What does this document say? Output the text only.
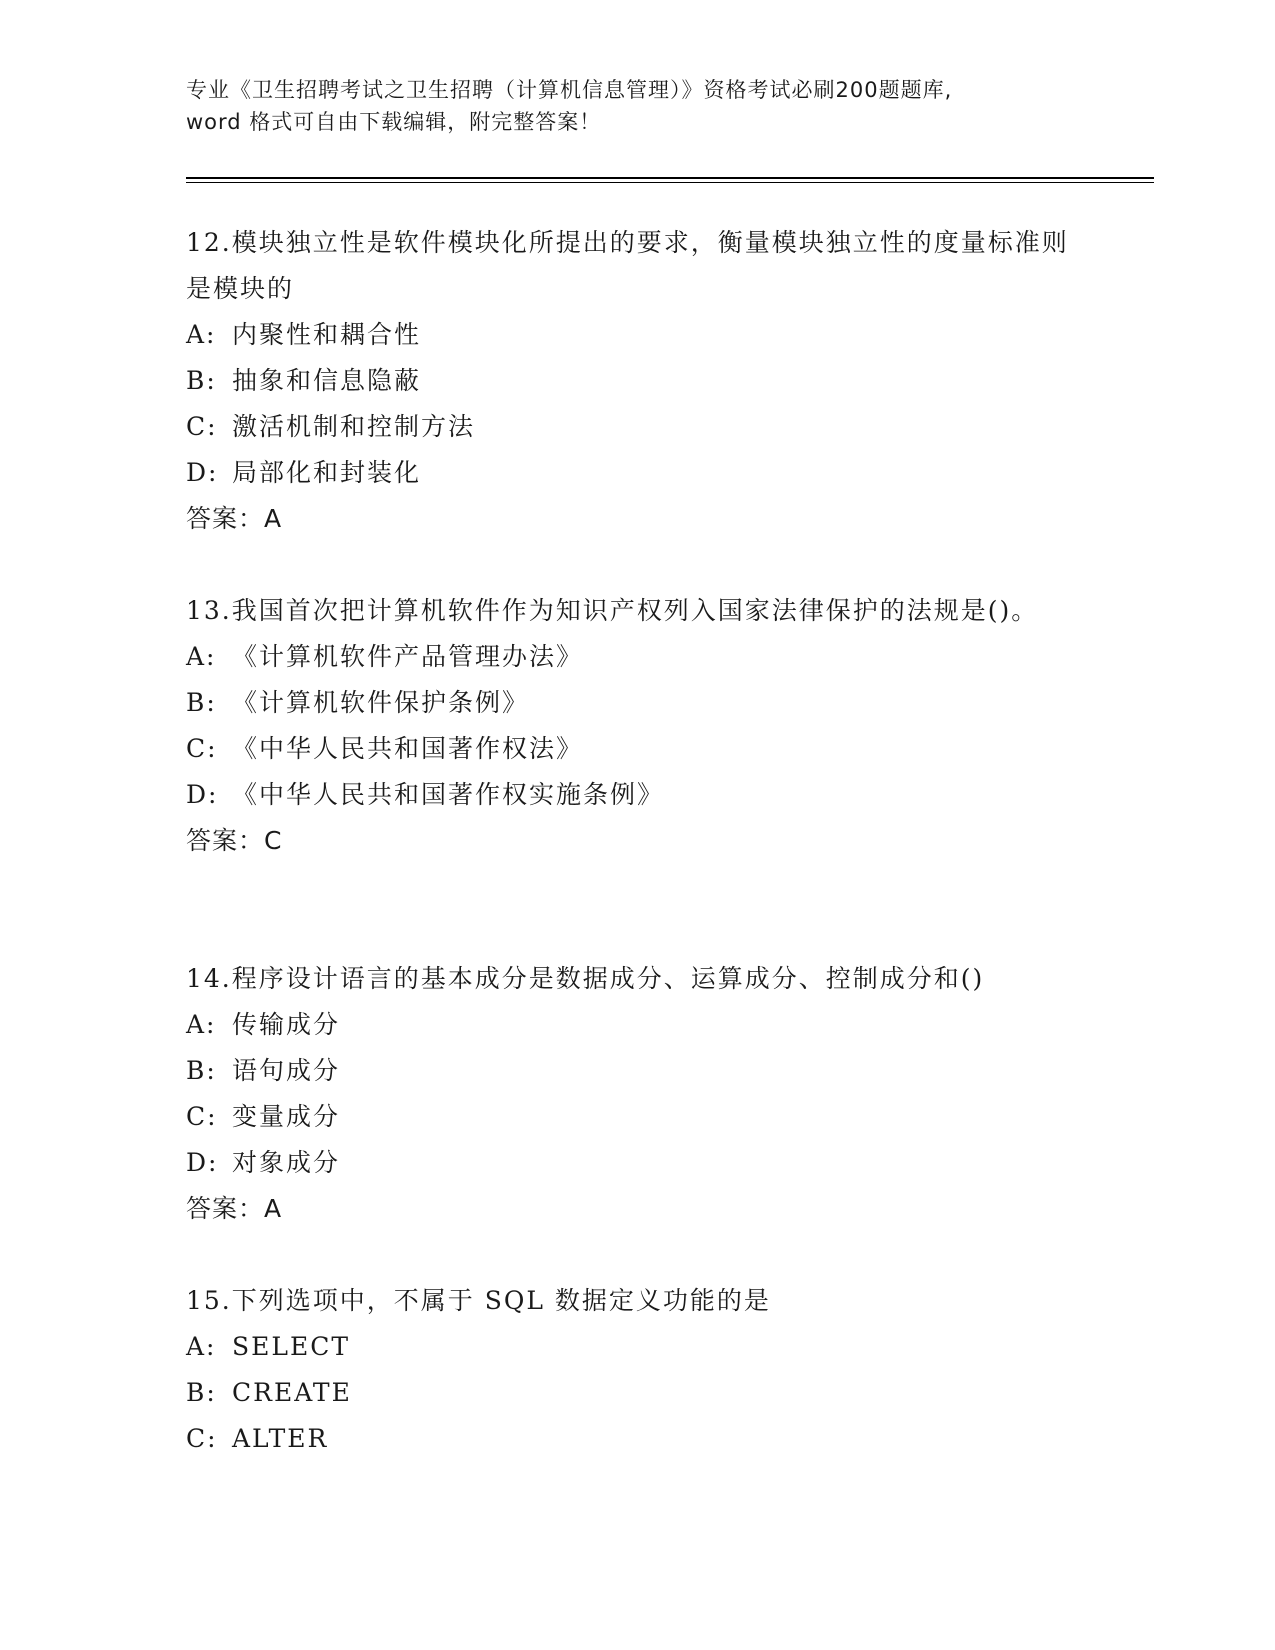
专业《卫生招聘考试之卫生招聘（计算机信息管理）》资格考试必刷200题题库,
word 格式可自由下载编辑，附完整答案！
12.模块独立性是软件模块化所提出的要求，衡量模块独立性的度量标准则是模块的
A: 内聚性和耦合性
B: 抽象和信息隐蔽
C: 激活机制和控制方法
D: 局部化和封装化
答案：A
13.我国首次把计算机软件作为知识产权列入国家法律保护的法规是()。
A: 《计算机软件产品管理办法》
B: 《计算机软件保护条例》
C: 《中华人民共和国著作权法》
D: 《中华人民共和国著作权实施条例》
答案：C
14.程序设计语言的基本成分是数据成分、运算成分、控制成分和()
A: 传输成分
B: 语句成分
C: 变量成分
D: 对象成分
答案：A
15.下列选项中，不属于 SQL 数据定义功能的是
A: SELECT
B: CREATE
C: ALTER
